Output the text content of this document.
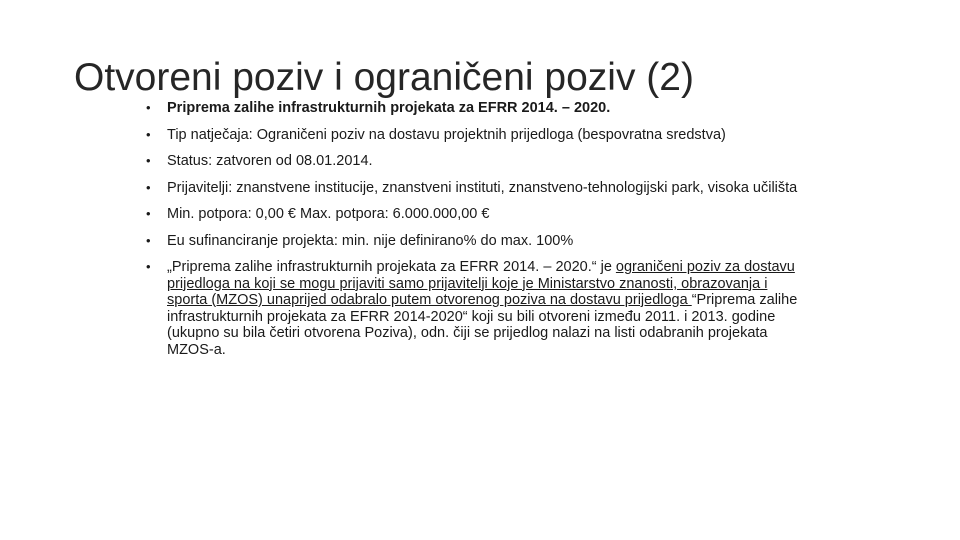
Otvoreni poziv i ograničeni poziv (2)
• Priprema zalihe infrastrukturnih projekata za EFRR 2014. – 2020.
• Tip natječaja: Ograničeni poziv na dostavu projektnih prijedloga (bespovratna sredstva)
• Status: zatvoren od 08.01.2014.
• Prijavitelji: znanstvene institucije, znanstveni instituti, znanstveno-tehnologijski park, visoka učilišta
• Min. potpora: 0,00 € Max. potpora: 6.000.000,00 €
• Eu sufinanciranje projekta: min. nije definirano% do max. 100%
• „Priprema zalihe infrastrukturnih projekata za EFRR 2014. – 2020.“ je ograničeni poziv za dostavu prijedloga na koji se mogu prijaviti samo prijavitelji koje je Ministarstvo znanosti, obrazovanja i sporta (MZOS) unaprijed odabralo putem otvorenog poziva na dostavu prijedloga “Priprema zalihe infrastrukturnih projekata za EFRR 2014-2020“ koji su bili otvoreni između 2011. i 2013. godine (ukupno su bila četiri otvorena Poziva), odn. čiji se prijedlog nalazi na listi odabranih projekata MZOS-a.
